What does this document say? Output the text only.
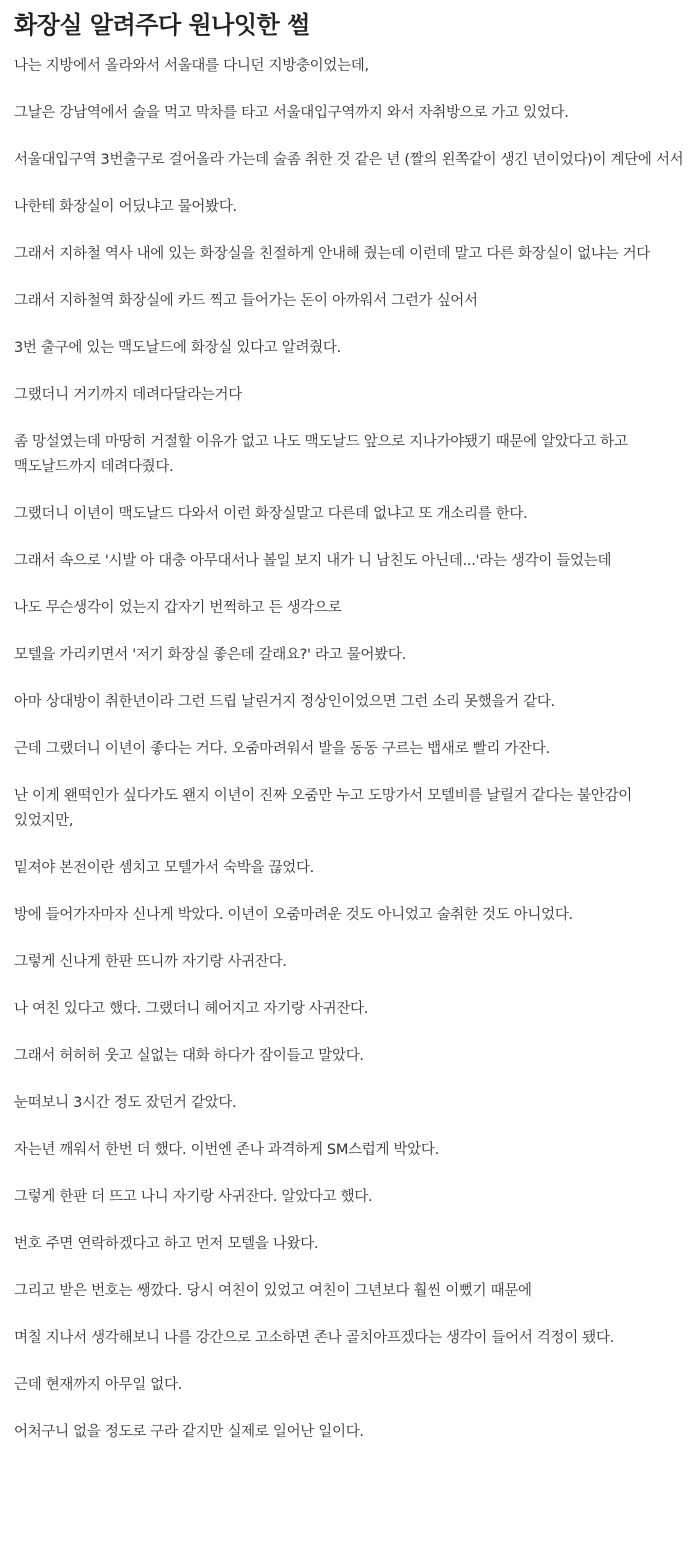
화장실 알려주다 원나잇한 썰

나는 지방에서 올라와서 서울대를 다니던 지방충이었는데,

그날은 강남역에서 술을 먹고 막차를 타고 서울대입구역까지 와서 자취방으로 가고 있었다.

서울대입구역 3번출구로 걸어올라 가는데 술좀 취한 것 같은 년 (짤의 왼쪽같이 생긴 년이었다)이 계단에 서서

나한테 화장실이 어딨냐고 물어봤다.

그래서 지하철 역사 내에 있는 화장실을 친절하게 안내해 줬는데 이런데 말고 다른 화장실이 없냐는 거다

그래서 지하철역 화장실에 카드 찍고 들어가는 돈이 아까워서 그런가 싶어서

3번 출구에 있는 맥도날드에 화장실 있다고 알려줬다.

그랬더니 거기까지 데려다달라는거다

좀 망설였는데 마땅히 거절할 이유가 없고 나도 맥도날드 앞으로 지나가야됐기 때문에 알았다고 하고 맥도날드까지 데려다줬다.

그랬더니 이년이 맥도날드 다와서 이런 화장실말고 다른데 없냐고 또 개소리를 한다.

그래서 속으로 '시발 아 대충 아무대서나 볼일 보지 내가 니 남친도 아닌데...'라는 생각이 들었는데

나도 무슨생각이 었는지 갑자기 번쩍하고 든 생각으로

모텔을 가리키면서 '저기 화장실 좋은데 갈래요?' 라고 물어봤다.

아마 상대방이 취한년이라 그런 드립 날린거지 정상인이었으면 그런 소리 못했을거 같다.

근데 그랬더니 이년이 좋다는 거다. 오줌마려워서 발을 동동 구르는 뱁새로 빨리 가잔다.

난 이게 왠떡인가 싶다가도 왠지 이년이 진짜 오줌만 누고 도망가서 모텔비를 날릴거 같다는 불안감이 있었지만,

밑져야 본전이란 셈치고 모텔가서 숙박을 끊었다.

방에 들어가자마자 신나게 박았다. 이년이 오줌마려운 것도 아니었고 술취한 것도 아니었다.

그렇게 신나게 한판 뜨니까 자기랑 사귀잔다.

나 여친 있다고 했다. 그랬더니 헤어지고 자기랑 사귀잔다.

그래서 허허허 웃고 실없는 대화 하다가 잠이들고 말았다.

눈떠보니 3시간 정도 잤던거 같았다.

자는년 깨워서 한번 더 했다. 이번엔 존나 과격하게 SM스럽게 박았다.

그렇게 한판 더 뜨고 나니 자기랑 사귀잔다. 알았다고 했다.

번호 주면 연락하겠다고 하고 먼저 모텔을 나왔다.

그리고 받은 번호는 쌩깠다. 당시 여친이 있었고 여친이 그년보다 훨씬 이뻤기 때문에

며칠 지나서 생각해보니 나를 강간으로 고소하면 존나 골치아프겠다는 생각이 들어서 걱정이 됐다.

근데 현재까지 아무일 없다.

어처구니 없을 정도로 구라 같지만 실제로 일어난 일이다.
